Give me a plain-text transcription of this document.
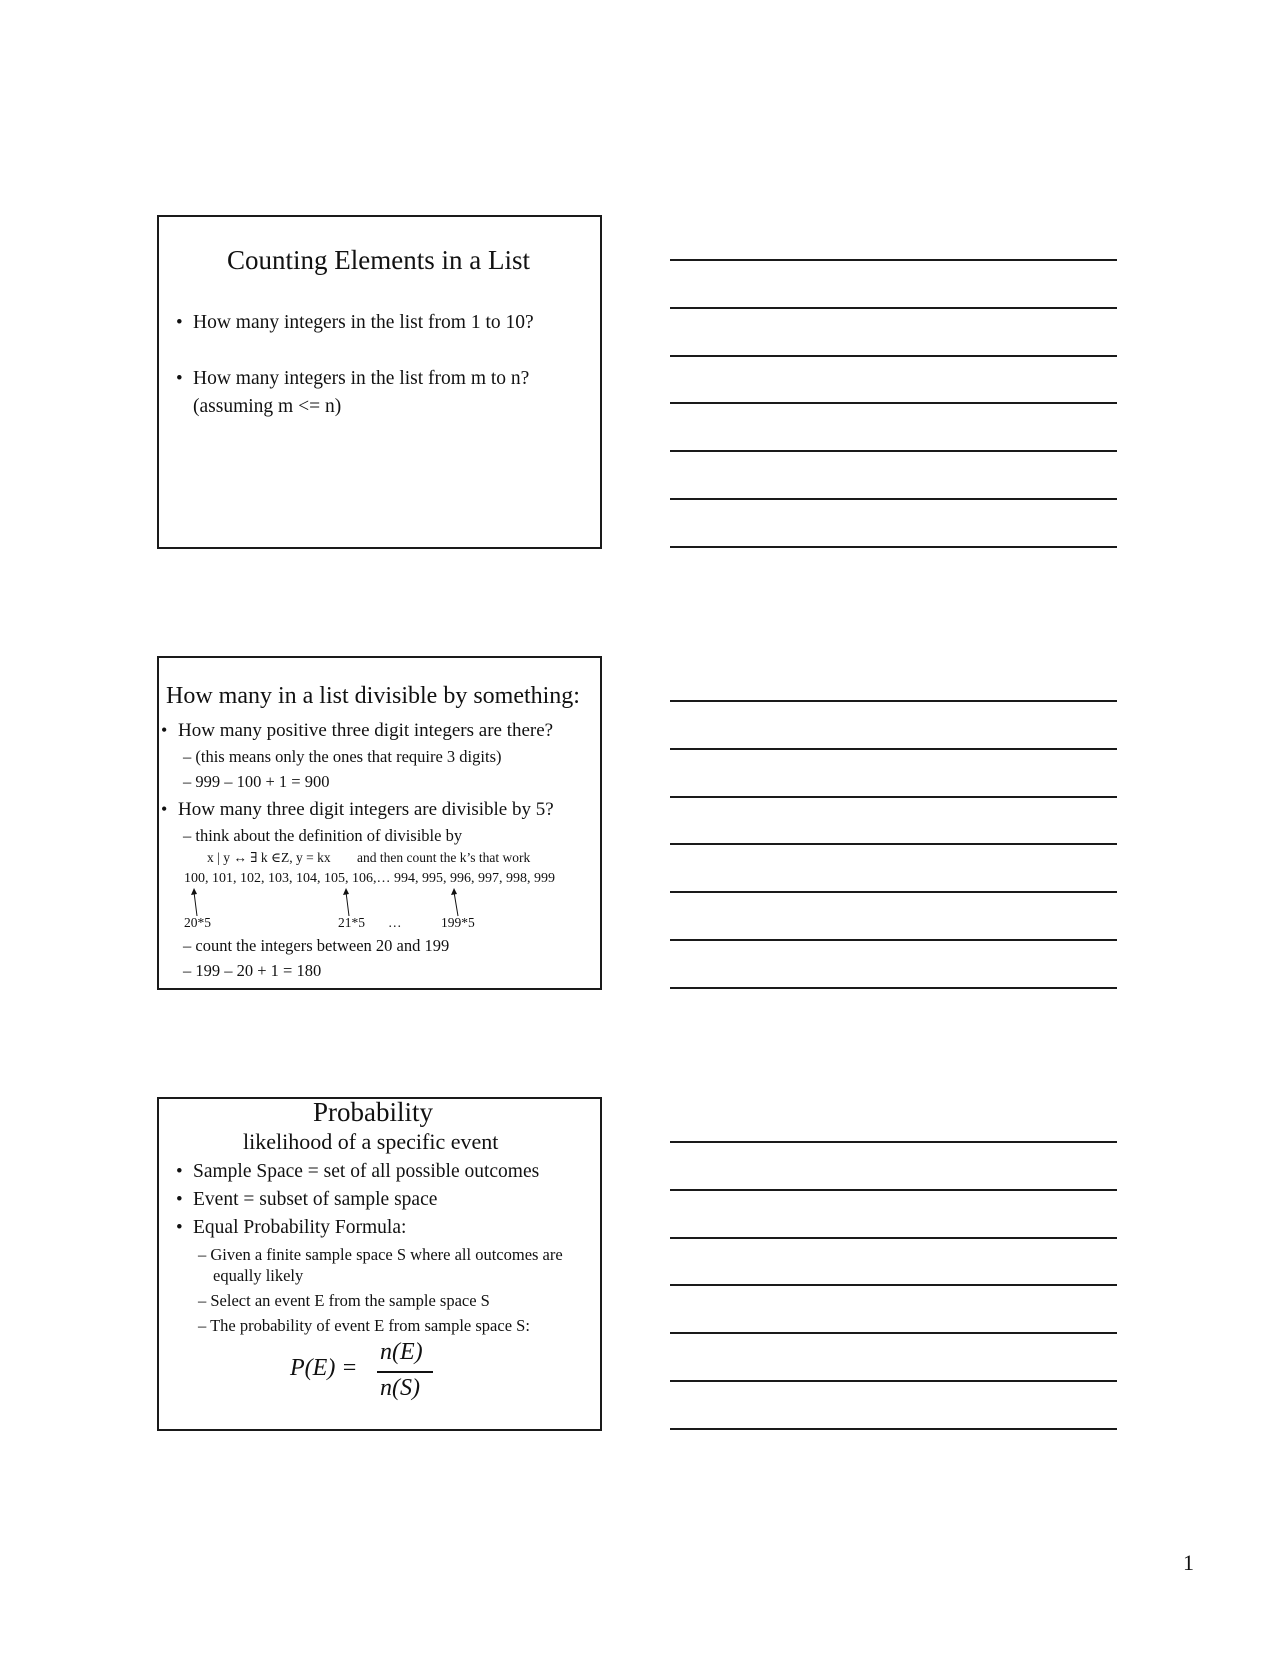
Counting Elements in a List
• How many integers in the list from 1 to 10?
• How many integers in the list from m to n?
(assuming m <= n)
How many in a list divisible by something:
• How many positive three digit integers are there?
– (this means only the ones that require 3 digits)
– 999 – 100 + 1 = 900
• How many three digit integers are divisible by 5?
– think about the definition of divisible by
x | y ↔ ∃ k ∈Z, y = kx and then count the k’s that work
100, 101, 102, 103, 104, 105, 106,… 994, 995, 996, 997, 998, 999
20*5	21*5 …	199*5
– count the integers between 20 and 199
– 199 – 20 + 1 = 180
Probability
likelihood of a specific event
• Sample Space = set of all possible outcomes
• Event = subset of sample space
• Equal Probability Formula:
– Given a finite sample space S where all outcomes are
equally likely
– Select an event E from the sample space S
– The probability of event E from sample space S:
P(E) =
n(E)
n(S)
1
